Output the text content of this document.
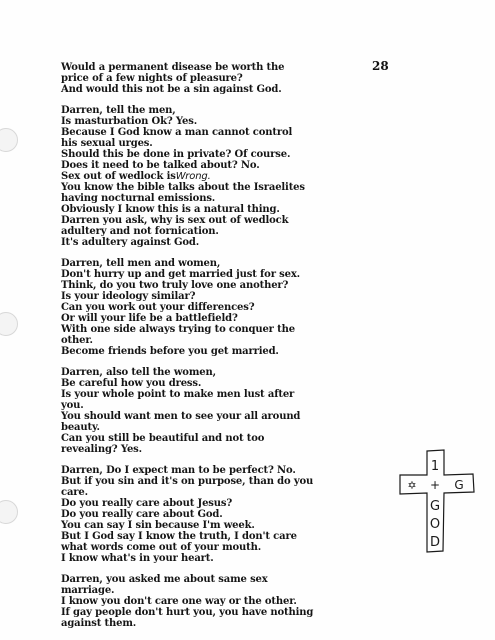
28
Would a permanent disease be worth the
price of a few nights of pleasure?
And would this not be a sin against God.
Darren, tell the men,
Is masturbation Ok? Yes.
Because I God know a man cannot control
his sexual urges.
Should this be done in private? Of course.
Does it need to be talked about? No.
Sex out of wedlock isWrong.
You know the bible talks about the Israelites
having nocturnal emissions.
Obviously I know this is a natural thing.
Darren you ask, why is sex out of wedlock
adultery and not fornication.
It's adultery against God.
Darren, tell men and women,
Don't hurry up and get married just for sex.
Think, do you two truly love one another?
Is your ideology similar?
Can you work out your differences?
Or will your life be a battlefield?
With one side always trying to conquer the
other.
Become friends before you get married.
Darren, also tell the women,
Be careful how you dress.
Is your whole point to make men lust after
you.
You should want men to see your all around
beauty.
Can you still be beautiful and not too
revealing? Yes.
Darren, Do I expect man to be perfect? No.
But if you sin and it's on purpose, than do you
care.
Do you really care about Jesus?
Do you really care about God.
You can say I sin because I'm week.
But I God say I know the truth, I don't care
what words come out of your mouth.
I know what's in your heart.
Darren, you asked me about same sex
marriage.
I know you don't care one way or the other.
If gay people don't hurt you, you have nothing
against them.
1
+
G
O
D
✡	G
